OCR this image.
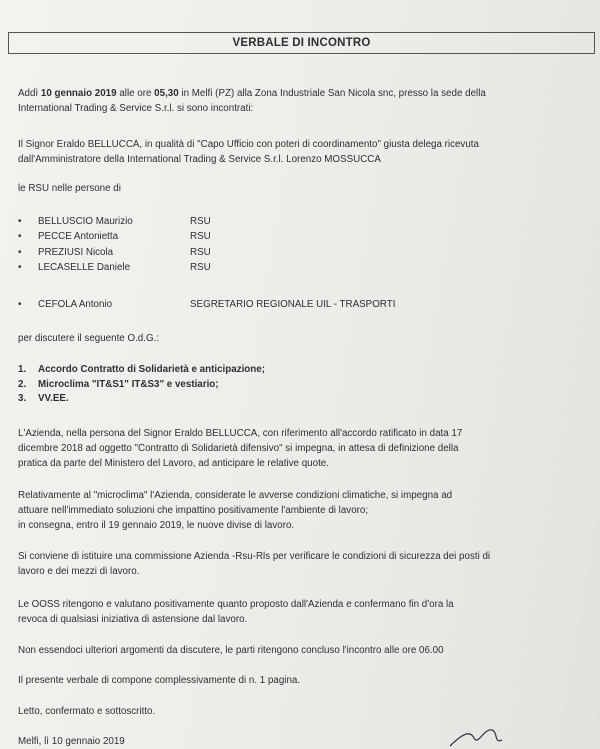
VERBALE DI INCONTRO
Addì 10 gennaio 2019 alle ore 05,30 in Melfi (PZ) alla Zona Industriale San Nicola snc, presso la sede della
International Trading & Service S.r.l. si sono incontrati:
Il Signor Eraldo BELLUCCA, in qualità di "Capo Ufficio con poteri di coordinamento" giusta delega ricevuta
dall'Amministratore della International Trading & Service S.r.l. Lorenzo MOSSUCCA
le RSU nelle persone di
•	BELLUSCIO Maurizio	RSU
•	PECCE Antonietta	RSU
•	PREZIUSI Nicola	RSU
•	LECASELLE Daniele	RSU
•	CEFOLA Antonio	SEGRETARIO REGIONALE UIL - TRASPORTI
per discutere il seguente O.d.G.:
1.	Accordo Contratto di Solidarietà e anticipazione;
2.	Microclima "IT&S1" IT&S3" e vestiario;
3.	VV.EE.
L'Azienda, nella persona del Signor Eraldo BELLUCCA, con riferimento all'accordo ratificato in data 17
dicembre 2018 ad oggetto "Contratto di Solidarietà difensivo" si impegna, in attesa di definizione della
pratica da parte del Ministero del Lavoro, ad anticipare le relative quote.
Relativamente al "microclima" l'Azienda, considerate le avverse condizioni climatiche, si impegna ad
attuare nell'immediato soluzioni che impattino positivamente l'ambiente di lavoro;
in consegna, entro il 19 gennaio 2019, le nuove divise di lavoro.
Si conviene di istituire una commissione Azienda -Rsu-Rls per verificare le condizioni di sicurezza dei posti di
lavoro e dei mezzi di lavoro.
Le OOSS ritengono e valutano positivamente quanto proposto dall'Azienda e confermano fin d'ora la
revoca di qualsiasi iniziativa di astensione dal lavoro.
Non essendoci ulteriori argomenti da discutere, le parti ritengono concluso l'incontro alle ore 06.00
Il presente verbale di compone complessivamente di n. 1 pagina.
Letto, confermato e sottoscritto.
Melfi, lì 10 gennaio 2019
